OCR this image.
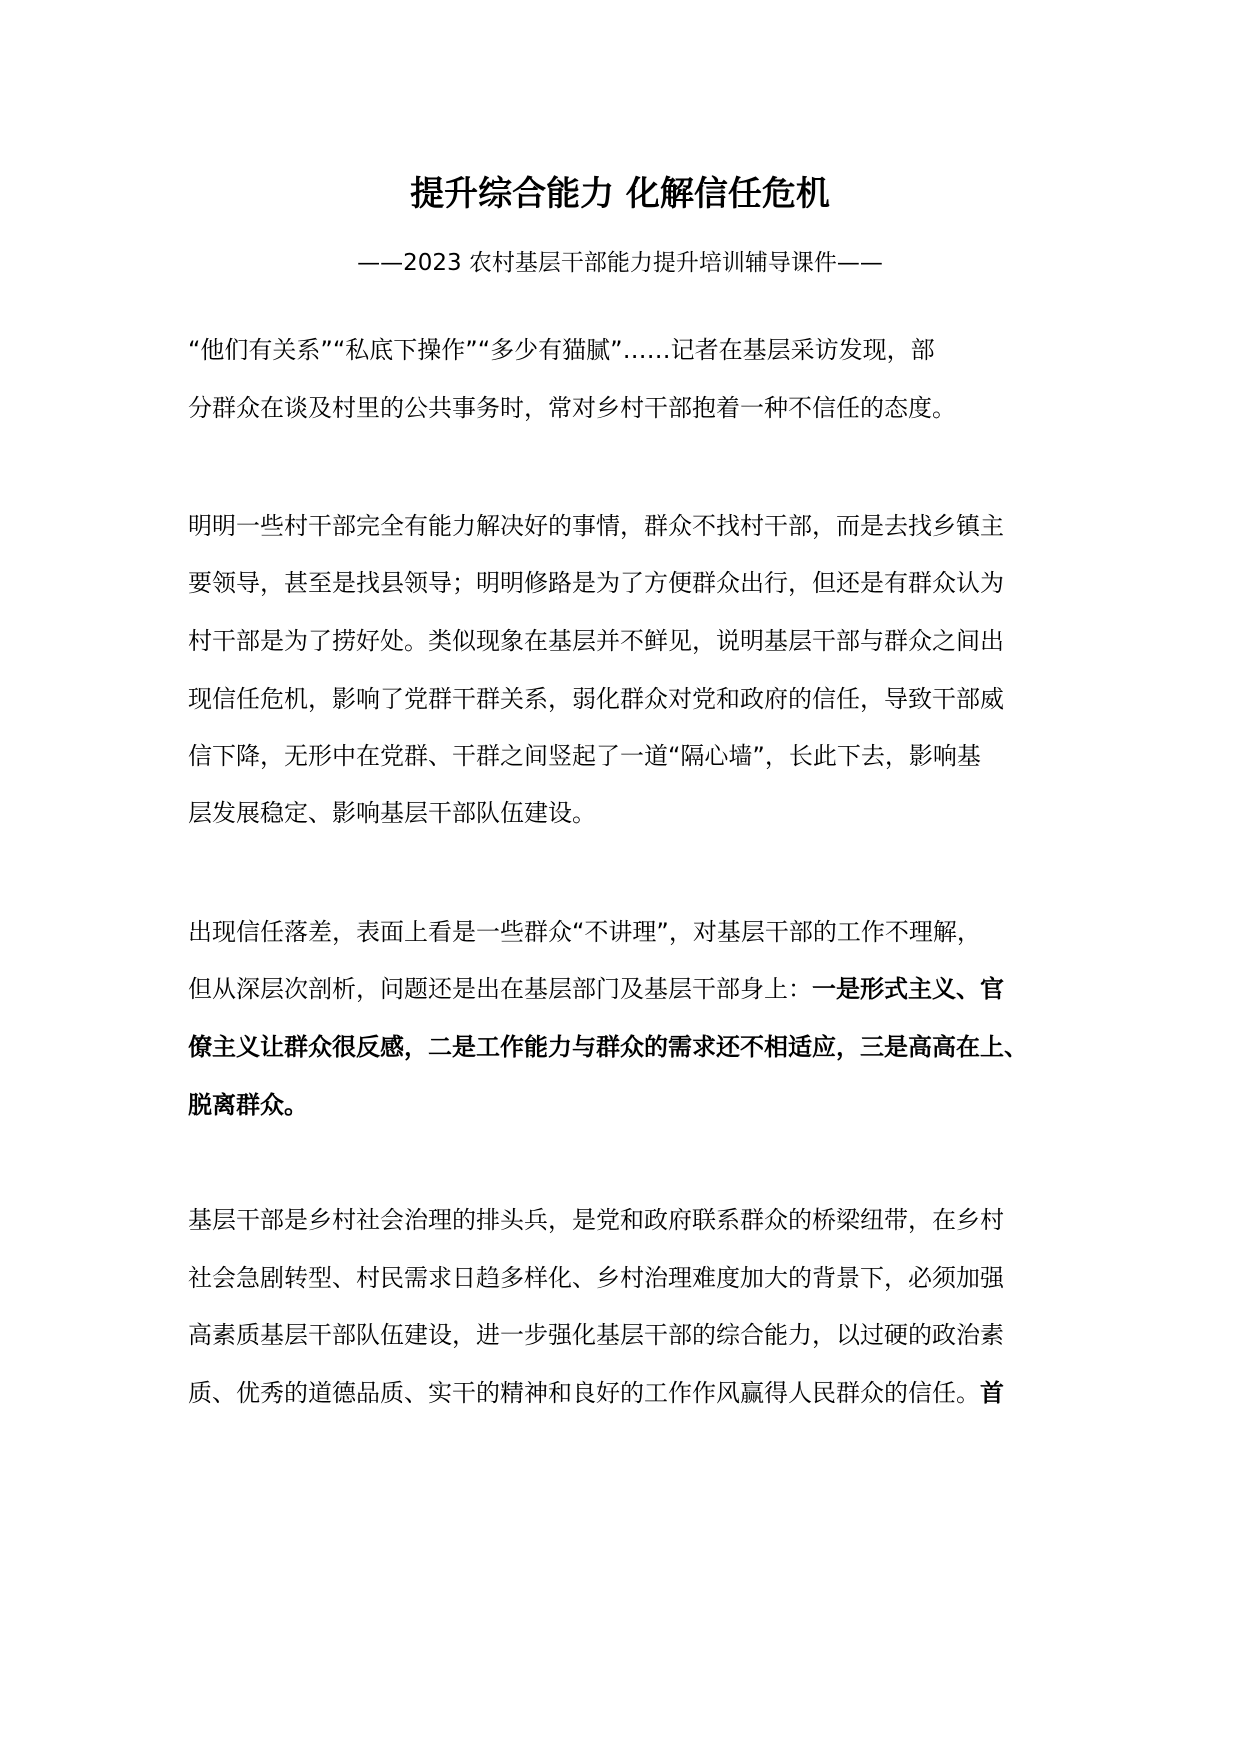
提升综合能力 化解信任危机
——2023 农村基层干部能力提升培训辅导课件——
“他们有关系”“私底下操作”“多少有猫腻”……记者在基层采访发现，部
分群众在谈及村里的公共事务时，常对乡村干部抱着一种不信任的态度。
明明一些村干部完全有能力解决好的事情，群众不找村干部，而是去找乡镇主
要领导，甚至是找县领导；明明修路是为了方便群众出行，但还是有群众认为
村干部是为了捞好处。类似现象在基层并不鲜见，说明基层干部与群众之间出
现信任危机，影响了党群干群关系，弱化群众对党和政府的信任，导致干部威
信下降，无形中在党群、干群之间竖起了一道“隔心墙”，长此下去，影响基
层发展稳定、影响基层干部队伍建设。
出现信任落差，表面上看是一些群众“不讲理”，对基层干部的工作不理解，
但从深层次剖析，问题还是出在基层部门及基层干部身上：一是形式主义、官
僚主义让群众很反感，二是工作能力与群众的需求还不相适应，三是高高在上、
脱离群众。
基层干部是乡村社会治理的排头兵，是党和政府联系群众的桥梁纽带，在乡村
社会急剧转型、村民需求日趋多样化、乡村治理难度加大的背景下，必须加强
高素质基层干部队伍建设，进一步强化基层干部的综合能力，以过硬的政治素
质、优秀的道德品质、实干的精神和良好的工作作风赢得人民群众的信任。首
